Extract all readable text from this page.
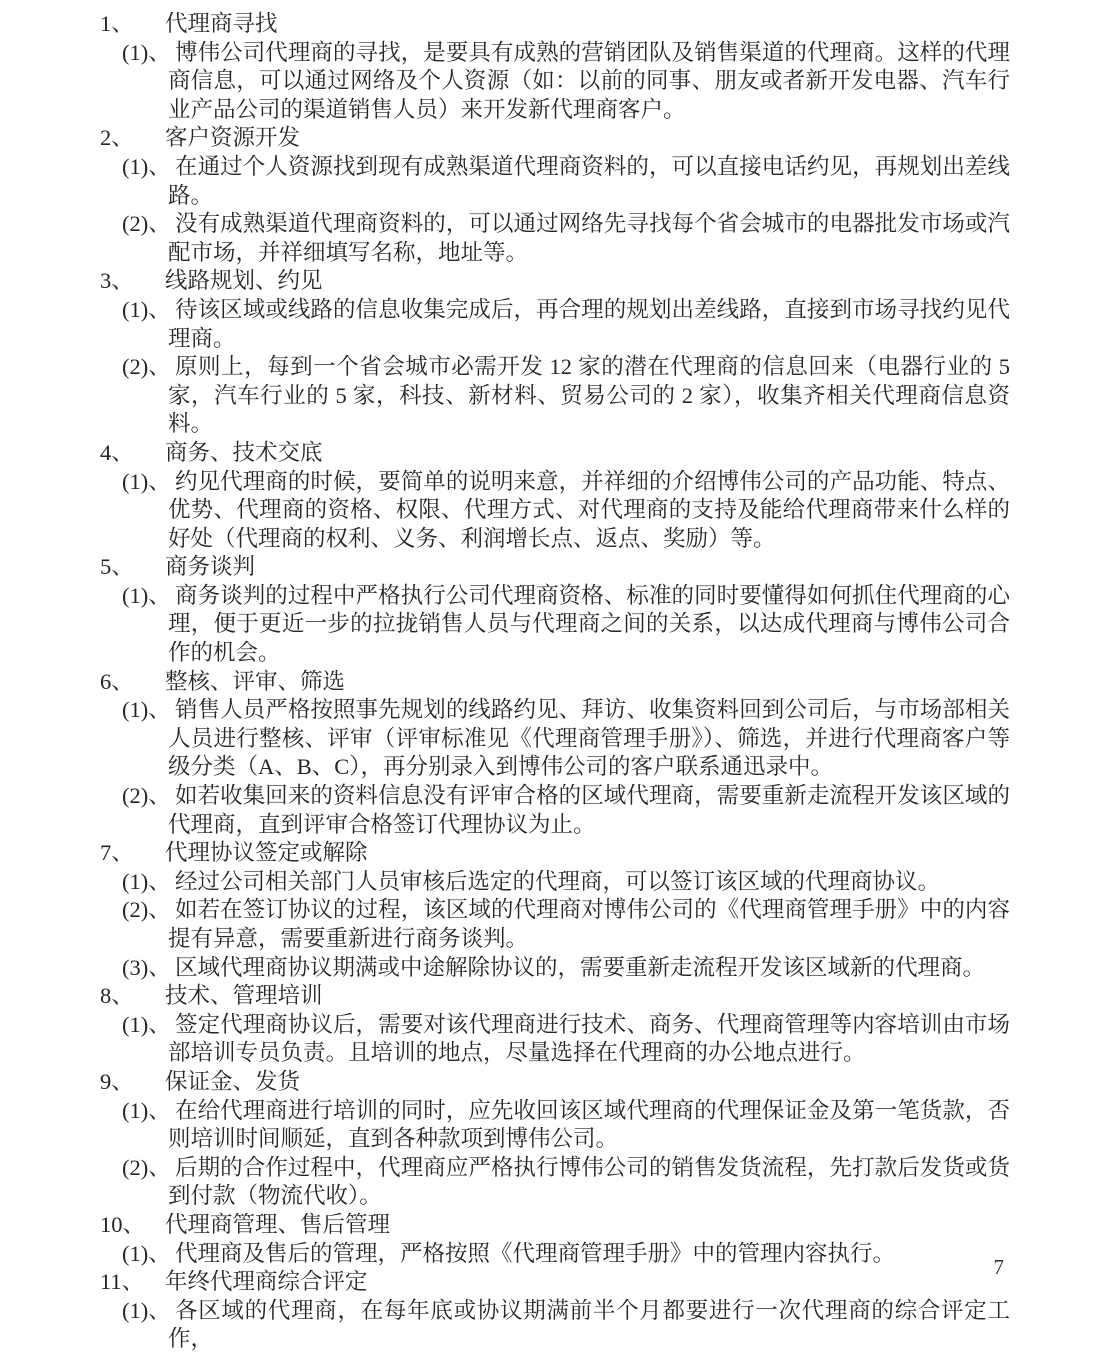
1、 代理商寻找
(1)、 博伟公司代理商的寻找，是要具有成熟的营销团队及销售渠道的代理商。这样的代理商信息，可以通过网络及个人资源（如：以前的同事、朋友或者新开发电器、汽车行业产品公司的渠道销售人员）来开发新代理商客户。
2、 客户资源开发
(1)、 在通过个人资源找到现有成熟渠道代理商资料的，可以直接电话约见，再规划出差线路。
(2)、 没有成熟渠道代理商资料的，可以通过网络先寻找每个省会城市的电器批发市场或汽配市场，并祥细填写名称，地址等。
3、 线路规划、约见
(1)、 待该区域或线路的信息收集完成后，再合理的规划出差线路，直接到市场寻找约见代理商。
(2)、 原则上，每到一个省会城市必需开发 12 家的潜在代理商的信息回来（电器行业的 5 家，汽车行业的 5 家，科技、新材料、贸易公司的 2 家），收集齐相关代理商信息资料。
4、 商务、技术交底
(1)、 约见代理商的时候，要简单的说明来意，并祥细的介绍博伟公司的产品功能、特点、优势、代理商的资格、权限、代理方式、对代理商的支持及能给代理商带来什么样的好处（代理商的权利、义务、利润增长点、返点、奖励）等。
5、 商务谈判
(1)、 商务谈判的过程中严格执行公司代理商资格、标准的同时要懂得如何抓住代理商的心理，便于更近一步的拉拢销售人员与代理商之间的关系，以达成代理商与博伟公司合作的机会。
6、 整核、评审、筛选
(1)、 销售人员严格按照事先规划的线路约见、拜访、收集资料回到公司后，与市场部相关人员进行整核、评审（评审标准见《代理商管理手册》）、筛选，并进行代理商客户等级分类（A、B、C），再分别录入到博伟公司的客户联系通迅录中。
(2)、 如若收集回来的资料信息没有评审合格的区域代理商，需要重新走流程开发该区域的代理商，直到评审合格签订代理协议为止。
7、 代理协议签定或解除
(1)、 经过公司相关部门人员审核后选定的代理商，可以签订该区域的代理商协议。
(2)、 如若在签订协议的过程，该区域的代理商对博伟公司的《代理商管理手册》中的内容提有异意，需要重新进行商务谈判。
(3)、 区域代理商协议期满或中途解除协议的，需要重新走流程开发该区域新的代理商。
8、 技术、管理培训
(1)、 签定代理商协议后，需要对该代理商进行技术、商务、代理商管理等内容培训由市场部培训专员负责。且培训的地点，尽量选择在代理商的办公地点进行。
9、 保证金、发货
(1)、 在给代理商进行培训的同时，应先收回该区域代理商的代理保证金及第一笔货款，否则培训时间顺延，直到各种款项到博伟公司。
(2)、 后期的合作过程中，代理商应严格执行博伟公司的销售发货流程，先打款后发货或货到付款（物流代收）。
10、 代理商管理、售后管理
(1)、 代理商及售后的管理，严格按照《代理商管理手册》中的管理内容执行。
11、 年终代理商综合评定
(1)、 各区域的代理商，在每年底或协议期满前半个月都要进行一次代理商的综合评定工作，
7
